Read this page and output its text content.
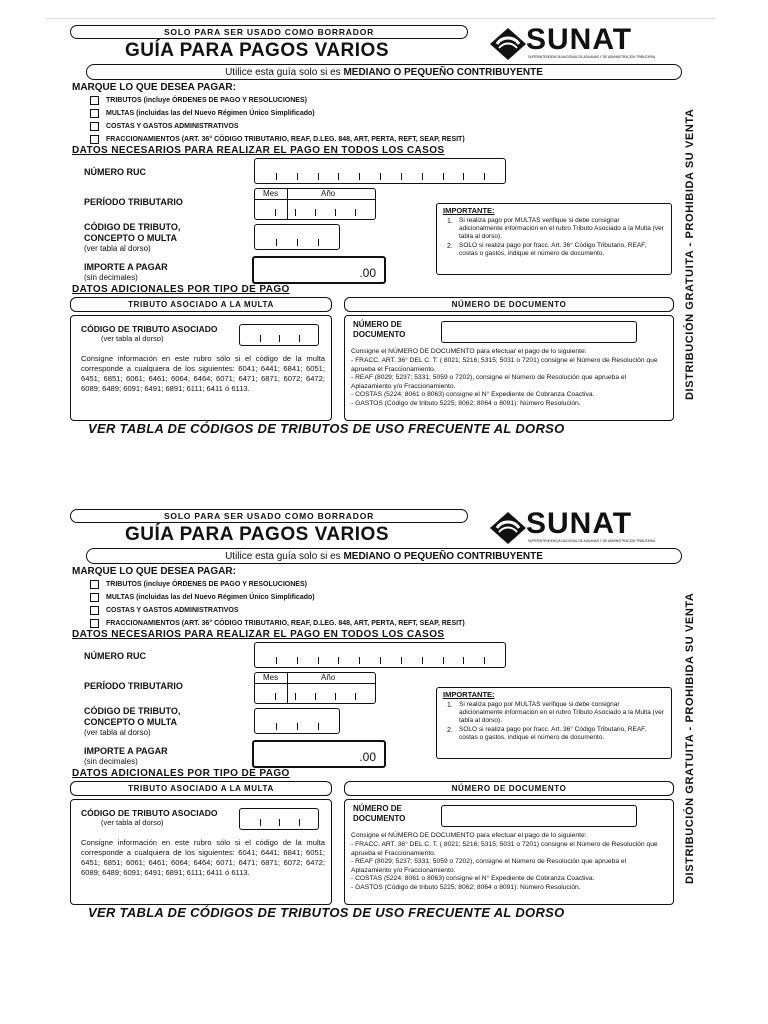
SOLO PARA SER USADO COMO BORRADOR
GUÍA PARA PAGOS VARIOS	SUNAT
SUPERINTENDENCIA NACIONAL DE ADUANAS Y DE ADMINISTRACIÓN TRIBUTARIA
Utilice esta guía solo si es MEDIANO O PEQUEÑO CONTRIBUYENTE
MARQUE LO QUE DESEA PAGAR:
TRIBUTOS (incluye ÓRDENES DE PAGO Y RESOLUCIONES)
MULTAS (incluidas las del Nuevo Régimen Único Simplificado)
COSTAS Y GASTOS ADMINISTRATIVOS
FRACCIONAMIENTOS (ART. 36° CÓDIGO TRIBUTARIO, REAF, D.LEG. 848, ART, PERTA, REFT, SEAP, RESIT)
DATOS NECESARIOS PARA REALIZAR EL PAGO EN TODOS LOS CASOS
NÚMERO RUC
PERÍODO TRIBUTARIO
Mes	Año
CÓDIGO DE TRIBUTO,
CONCEPTO O MULTA
(ver tabla al dorso)
IMPORTE A PAGAR
(sin decimales)	.00
IMPORTANTE:
1. Si realiza pago por MULTAS verifique si debe consignar adicionalmente información en el rubro Tributo Asociado a la Multa (ver tabla al dorso).
2. SOLO si realiza pago por fracc. Art. 36° Código Tributario, REAF, costas o gastos, indique el número de documento.
DATOS ADICIONALES POR TIPO DE PAGO
TRIBUTO ASOCIADO A LA MULTA
CÓDIGO DE TRIBUTO ASOCIADO
(ver tabla al dorso)
Consigne información en este rubro sólo si el código de la multa corresponde a cualquiera de los siguientes: 6041; 6441; 6841; 6051; 6451; 6851; 6061; 6461; 6064; 6464; 6071; 6471; 6871; 6072; 6472; 6089; 6489; 6091; 6491; 6891; 6111; 6411 ó 6113.
NÚMERO DE DOCUMENTO
NÚMERO DE
DOCUMENTO
Consigne el NÚMERO DE DOCUMENTO para efectuar el pago de lo siguiente:
- FRACC. ART. 36° DEL C. T. ( 8021; 5216; 5315; 5031 o 7201) consigne el Número de Resolución que aprueba el Fraccionamiento.
- REAF (8029; 5237; 5331; 5059 o 7202), consigne el Número de Resolución que aprueba el Aplazamiento y/o Fraccionamiento.
- COSTAS (5224; 8061 o 8063) consigne el N° Expediente de Cobranza Coactiva.
- GASTOS (Código de tributo 5225; 8062; 8064 o 8091): Número Resolución.
VER TABLA DE CÓDIGOS DE TRIBUTOS DE USO FRECUENTE AL DORSO
DISTRIBUCIÓN GRATUITA - PROHIBIDA SU VENTA
SOLO PARA SER USADO COMO BORRADOR
GUÍA PARA PAGOS VARIOS	SUNAT
SUPERINTENDENCIA NACIONAL DE ADUANAS Y DE ADMINISTRACIÓN TRIBUTARIA
Utilice esta guía solo si es MEDIANO O PEQUEÑO CONTRIBUYENTE
MARQUE LO QUE DESEA PAGAR:
TRIBUTOS (incluye ÓRDENES DE PAGO Y RESOLUCIONES)
MULTAS (incluidas las del Nuevo Régimen Único Simplificado)
COSTAS Y GASTOS ADMINISTRATIVOS
FRACCIONAMIENTOS (ART. 36° CÓDIGO TRIBUTARIO, REAF, D.LEG. 848, ART, PERTA, REFT, SEAP, RESIT)
DATOS NECESARIOS PARA REALIZAR EL PAGO EN TODOS LOS CASOS
NÚMERO RUC
PERÍODO TRIBUTARIO
Mes	Año
CÓDIGO DE TRIBUTO,
CONCEPTO O MULTA
(ver tabla al dorso)
IMPORTE A PAGAR
(sin decimales)	.00
IMPORTANTE:
1. Si realiza pago por MULTAS verifique si debe consignar adicionalmente información en el rubro Tributo Asociado a la Multa (ver tabla al dorso).
2. SOLO si realiza pago por fracc. Art. 36° Código Tributario, REAF, costas o gastos, indique el número de documento.
DATOS ADICIONALES POR TIPO DE PAGO
TRIBUTO ASOCIADO A LA MULTA
CÓDIGO DE TRIBUTO ASOCIADO
(ver tabla al dorso)
Consigne información en este rubro sólo si el código de la multa corresponde a cualquiera de los siguientes: 6041; 6441; 6841; 6051; 6451; 6851; 6061; 6461; 6064; 6464; 6071; 6471; 6871; 6072; 6472; 6089; 6489; 6091; 6491; 6891; 6111; 6411 ó 6113.
NÚMERO DE DOCUMENTO
NÚMERO DE
DOCUMENTO
Consigne el NÚMERO DE DOCUMENTO para efectuar el pago de lo siguiente:
- FRACC. ART. 36° DEL C. T. ( 8021; 5216; 5315; 5031 o 7201) consigne el Número de Resolución que aprueba el Fraccionamiento.
- REAF (8029; 5237; 5331; 5059 o 7202), consigne el Número de Resolución que aprueba el Aplazamiento y/o Fraccionamiento.
- COSTAS (5224; 8061 o 8063) consigne el N° Expediente de Cobranza Coactiva.
- GASTOS (Código de tributo 5225; 8062; 8064 o 8091): Número Resolución.
VER TABLA DE CÓDIGOS DE TRIBUTOS DE USO FRECUENTE AL DORSO
DISTRIBUCIÓN GRATUITA - PROHIBIDA SU VENTA
